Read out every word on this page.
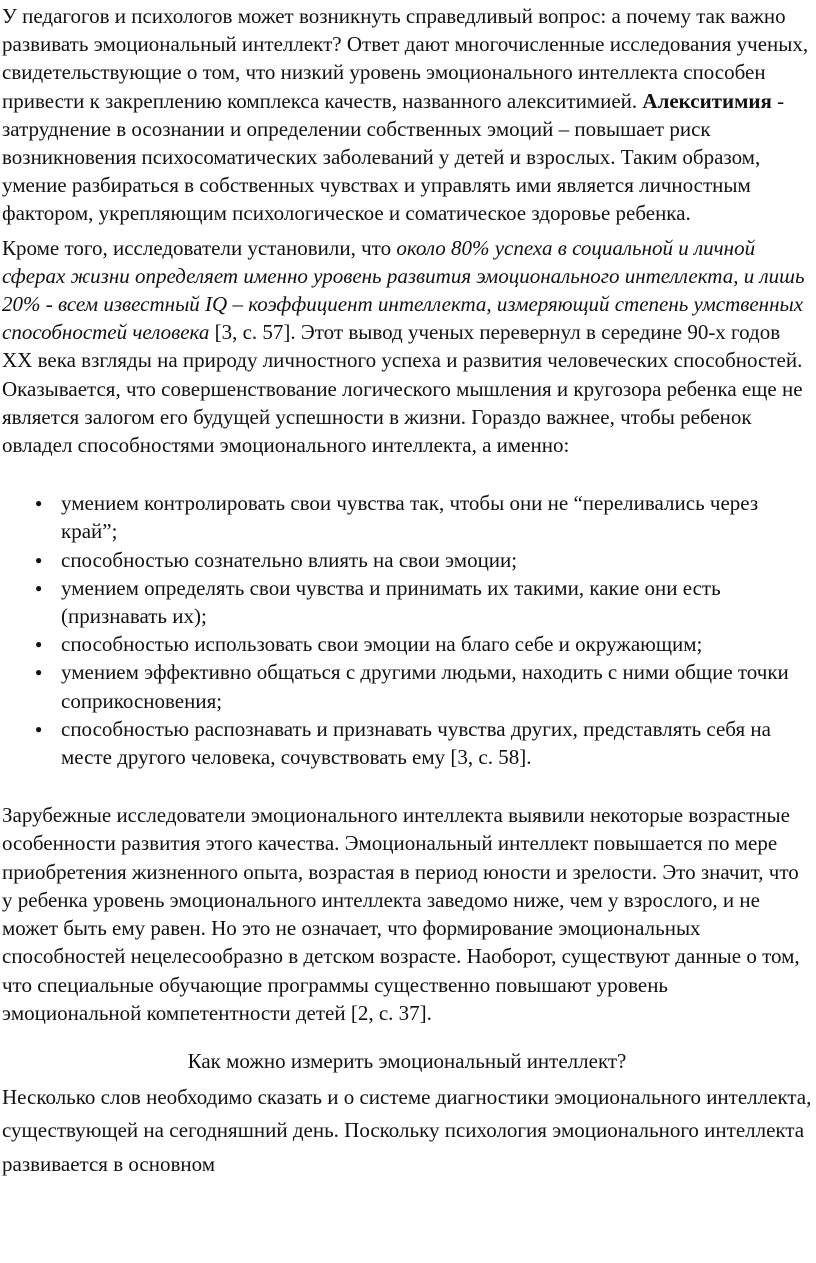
У педагогов и психологов может возникнуть справедливый вопрос: а почему так важно развивать эмоциональный интеллект? Ответ дают многочисленные исследования ученых, свидетельствующие о том, что низкий уровень эмоционального интеллекта способен привести к закреплению комплекса качеств, названного алекситимией. Алекситимия - затруднение в осознании и определении собственных эмоций – повышает риск возникновения психосоматических заболеваний у детей и взрослых. Таким образом, умение разбираться в собственных чувствах и управлять ими является личностным фактором, укрепляющим психологическое и соматическое здоровье ребенка.

Кроме того, исследователи установили, что около 80% успеха в социальной и личной сферах жизни определяет именно уровень развития эмоционального интеллекта, и лишь 20% - всем известный IQ – коэффициент интеллекта, измеряющий степень умственных способностей человека [3, с. 57]. Этот вывод ученых перевернул в середине 90-х годов XX века взгляды на природу личностного успеха и развития человеческих способностей. Оказывается, что совершенствование логического мышления и кругозора ребенка еще не является залогом его будущей успешности в жизни. Гораздо важнее, чтобы ребенок овладел способностями эмоционального интеллекта, а именно:

● умением контролировать свои чувства так, чтобы они не “переливались через край”;
● способностью сознательно влиять на свои эмоции;
● умением определять свои чувства и принимать их такими, какие они есть (признавать их);
● способностью использовать свои эмоции на благо себе и окружающим;
● умением эффективно общаться с другими людьми, находить с ними общие точки соприкосновения;
● способностью распознавать и признавать чувства других, представлять себя на месте другого человека, сочувствовать ему [3, с. 58].

Зарубежные исследователи эмоционального интеллекта выявили некоторые возрастные особенности развития этого качества. Эмоциональный интеллект повышается по мере приобретения жизненного опыта, возрастая в период юности и зрелости. Это значит, что у ребенка уровень эмоционального интеллекта заведомо ниже, чем у взрослого, и не может быть ему равен. Но это не означает, что формирование эмоциональных способностей нецелесообразно в детском возрасте. Наоборот, существуют данные о том, что специальные обучающие программы существенно повышают уровень эмоциональной компетентности детей [2, с. 37].

Как можно измерить эмоциональный интеллект?

Несколько слов необходимо сказать и о системе диагностики эмоционального интеллекта, существующей на сегодняшний день. Поскольку психология эмоционального интеллекта развивается в основном
